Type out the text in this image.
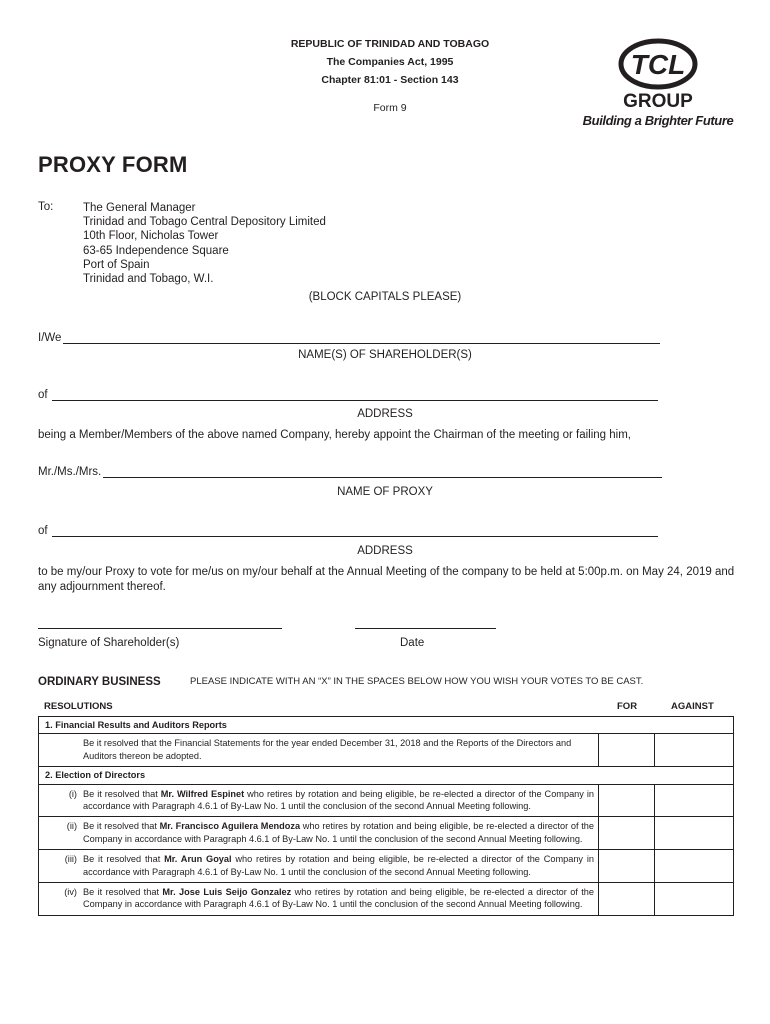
REPUBLIC OF TRINIDAD AND TOBAGO
The Companies Act, 1995
Chapter 81:01 - Section 143
Form 9
TCL
GROUP
Building a Brighter Future
PROXY FORM
To:	The General Manager
Trinidad and Tobago Central Depository Limited
10th Floor, Nicholas Tower
63-65 Independence Square
Port of Spain
Trinidad and Tobago, W.I.
(BLOCK CAPITALS PLEASE)
I/We
NAME(S) OF SHAREHOLDER(S)
of
ADDRESS
being a Member/Members of the above named Company, hereby appoint the Chairman of the meeting or failing him,
Mr./Ms./Mrs.
NAME OF PROXY
of
ADDRESS
to be my/our Proxy to vote for me/us on my/our behalf at the Annual Meeting of the company to be held at 5:00p.m. on May 24, 2019 and any adjournment thereof.
Signature of Shareholder(s)	Date
ORDINARY BUSINESS	PLEASE INDICATE WITH AN “X” IN THE SPACES BELOW HOW YOU WISH YOUR VOTES TO BE CAST.
RESOLUTIONS	FOR	AGAINST
1. Financial Results and Auditors Reports		

Be it resolved that the Financial Statements for the year ended December 31, 2018 and the Reports of the Directors and Auditors thereon be adopted.		

2. Election of Directors		

(i) Be it resolved that Mr. Wilfred Espinet who retires by rotation and being eligible, be re-elected a director of the Company in accordance with Paragraph 4.6.1 of By-Law No. 1 until the conclusion of the second Annual Meeting following.		

(ii) Be it resolved that Mr. Francisco Aguilera Mendoza who retires by rotation and being eligible, be re-elected a director of the Company in accordance with Paragraph 4.6.1 of By-Law No. 1 until the conclusion of the second Annual Meeting following.		

(iii) Be it resolved that Mr. Arun Goyal who retires by rotation and being eligible, be re-elected a director of the Company in accordance with Paragraph 4.6.1 of By-Law No. 1 until the conclusion of the second Annual Meeting following.		

(iv) Be it resolved that Mr. Jose Luis Seijo Gonzalez who retires by rotation and being eligible, be re-elected a director of the Company in accordance with Paragraph 4.6.1 of By-Law No. 1 until the conclusion of the second Annual Meeting following.		
